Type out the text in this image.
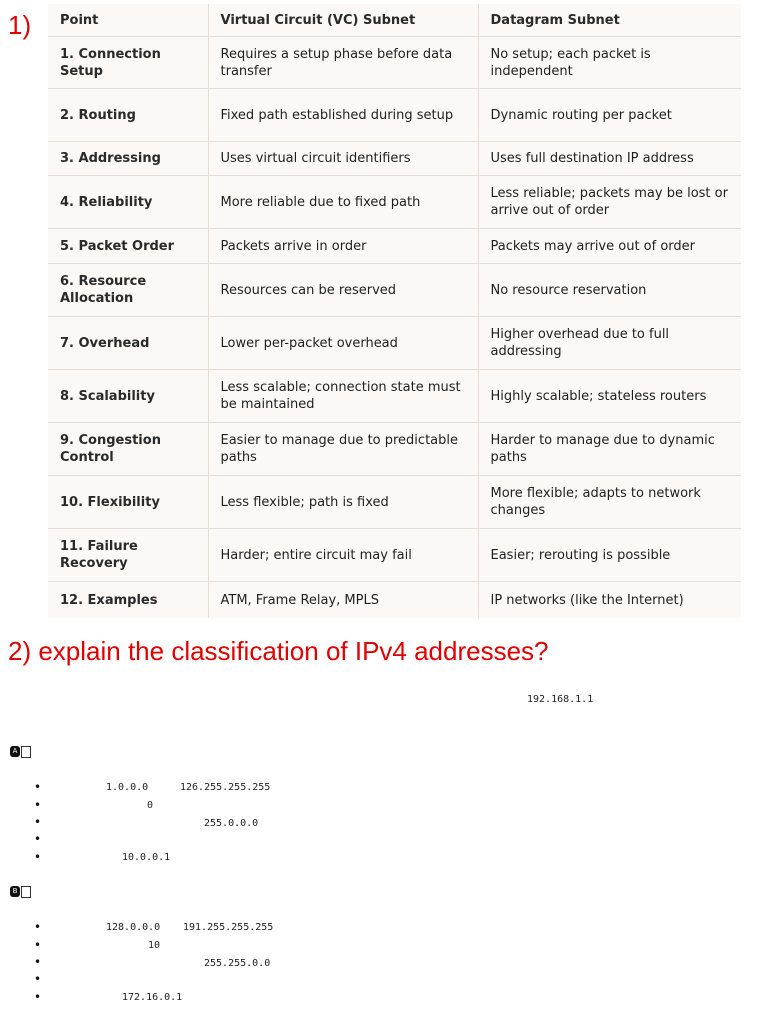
1) Point	Virtual Circuit (VC) Subnet	Datagram Subnet
1. Connection Setup	Requires a setup phase before data transfer	No setup; each packet is independent
2. Routing	Fixed path established during setup	Dynamic routing per packet
3. Addressing	Uses virtual circuit identifiers	Uses full destination IP address
4. Reliability	More reliable due to fixed path	Less reliable; packets may be lost or arrive out of order
5. Packet Order	Packets arrive in order	Packets may arrive out of order
6. Resource Allocation	Resources can be reserved	No resource reservation
7. Overhead	Lower per-packet overhead	Higher overhead due to full addressing
8. Scalability	Less scalable; connection state must be maintained	Highly scalable; stateless routers
9. Congestion Control	Easier to manage due to predictable paths	Harder to manage due to dynamic paths
10. Flexibility	Less flexible; path is fixed	More flexible; adapts to network changes
11. Failure Recovery	Harder; entire circuit may fail	Easier; rerouting is possible
12. Examples	ATM, Frame Relay, MPLS	IP networks (like the Internet)
2) explain the classification of IPv4 addresses?
192.168.1.1
A
•
•
•
•
•
1.0.0.0	126.255.255.255
0
255.0.0.0
10.0.0.1
B
•
•
•
•
•
128.0.0.0 191.255.255.255
10
255.255.0.0
172.16.0.1
